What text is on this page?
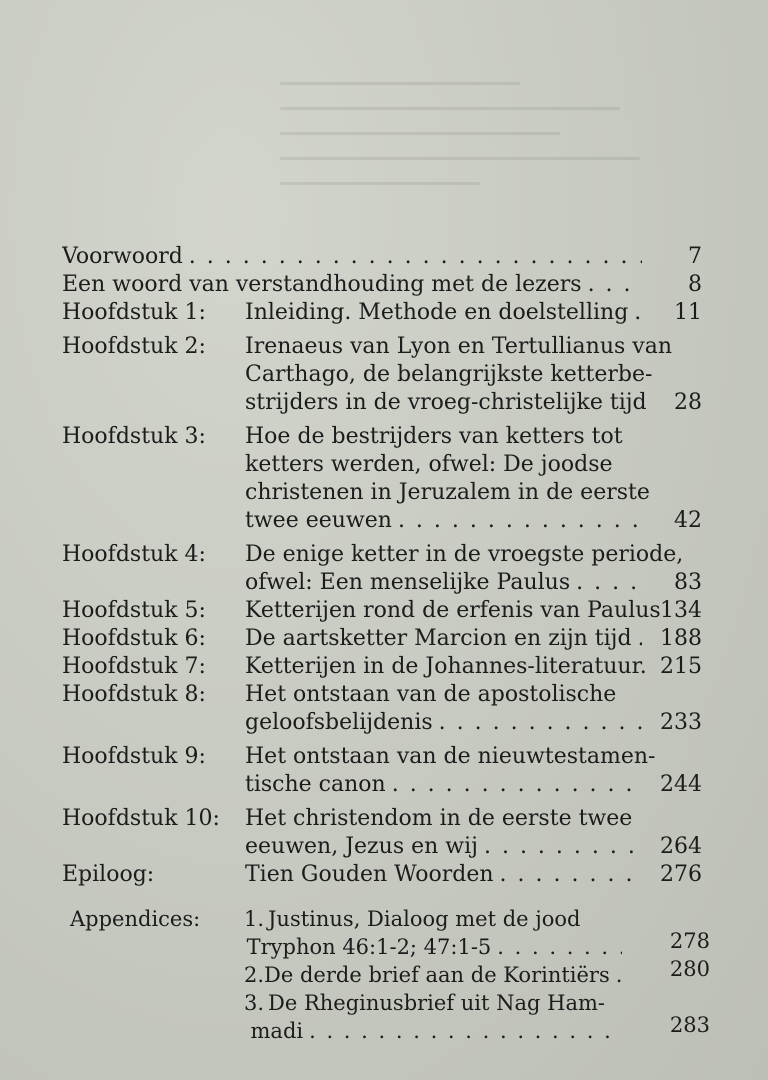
Voorwoord . . .	7
Een woord van verstandhouding met de lezers . . .	8
Hoofdstuk 1: Inleiding. Methode en doelstelling . . .	11
Hoofdstuk 2: Irenaeus van Lyon en Tertullianus van
Carthago, de belangrijkste ketterbe-
strijders in de vroeg-christelijke tijd . . .	28
Hoofdstuk 3: Hoe de bestrijders van ketters tot
ketters werden, ofwel: De joodse
christenen in Jeruzalem in de eerste
twee eeuwen . . .	42
Hoofdstuk 4: De enige ketter in de vroegste periode,
ofwel: Een menselijke Paulus . . .	83
Hoofdstuk 5: Ketterijen rond de erfenis van Paulus . . . 134
Hoofdstuk 6: De aartsketter Marcion en zijn tijd . . .	188
Hoofdstuk 7: Ketterijen in de Johannes-literatuur. . . . 215
Hoofdstuk 8: Het ontstaan van de apostolische
geloofsbelijdenis . . .	233
Hoofdstuk 9: Het ontstaan van de nieuwtestamen-
tische canon . . .	244
Hoofdstuk 10: Het christendom in de eerste twee
eeuwen, Jezus en wij . . .	264
Epiloog:	Tien Gouden Woorden . . .	276
Appendices: 1. Justinus, Dialoog met de jood
Tryphon 46:1-2; 47:1-5 . . .	278
2. De derde brief aan de Korintiërs . . .	280
3. De Rheginusbrief uit Nag Ham-
madi . . .	283
